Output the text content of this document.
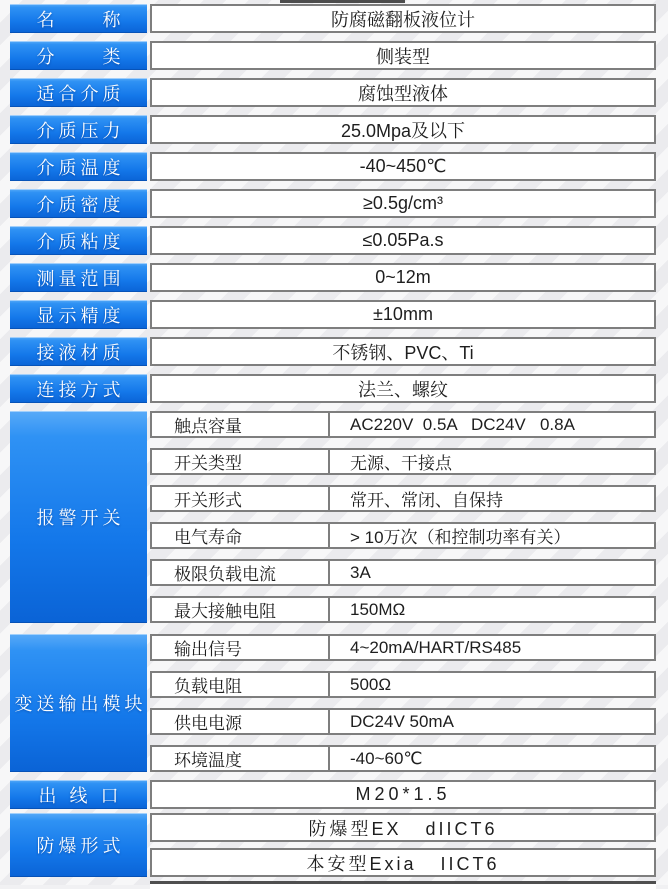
名　　称	防腐磁翻板液位计
分　　类	侧装型
适合介质	腐蚀型液体
介质压力	25.0Mpa及以下
介质温度	-40~450℃
介质密度	≥0.5g/cm³
介质粘度	≤0.05Pa.s
测量范围	0~12m
显示精度	±10mm
接液材质	不锈钢、PVC、Ti
连接方式	法兰、螺纹
报警开关
触点容量	AC220V  0.5A   DC24V   0.8A
开关类型	无源、干接点
开关形式	常开、常闭、自保持
电气寿命	> 10万次（和控制功率有关）
极限负载电流	3A
最大接触电阻	150MΩ
变送输出模块
输出信号	4~20mA/HART/RS485
负载电阻	500Ω
供电电源	DC24V 50mA
环境温度	-40~60℃
出 线 口	M20*1.5
防爆形式
防爆型EX   dIICT6
本安型Exia   IICT6
